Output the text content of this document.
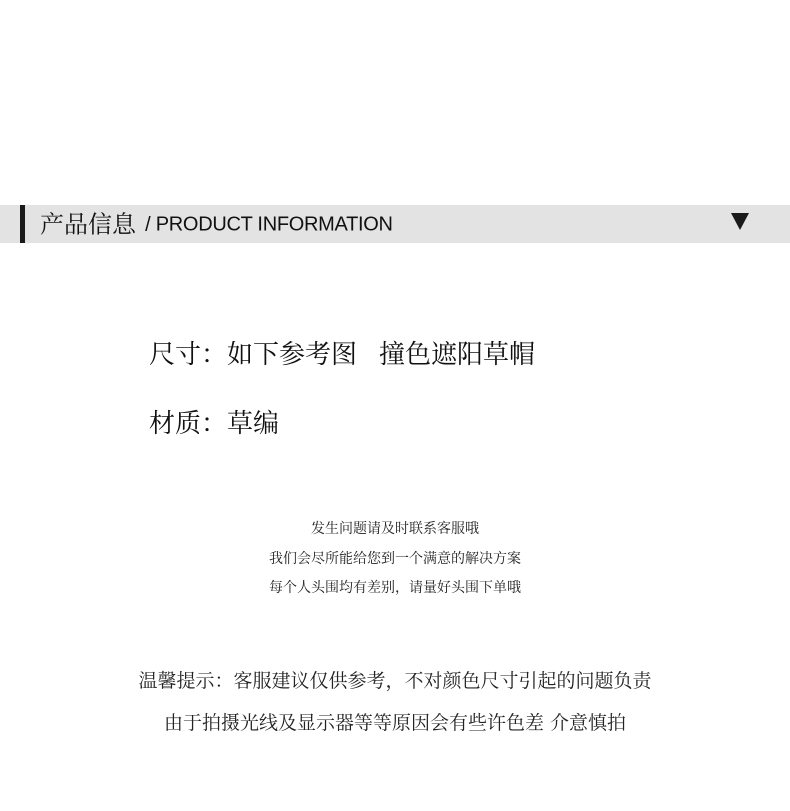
产品信息 / PRODUCT INFORMATION
尺寸：如下参考图 撞色遮阳草帽
材质：草编
发生问题请及时联系客服哦
我们会尽所能给您到一个满意的解决方案
每个人头围均有差别，请量好头围下单哦
温馨提示：客服建议仅供参考，不对颜色尺寸引起的问题负责
由于拍摄光线及显示器等等原因会有些许色差 介意慎拍
